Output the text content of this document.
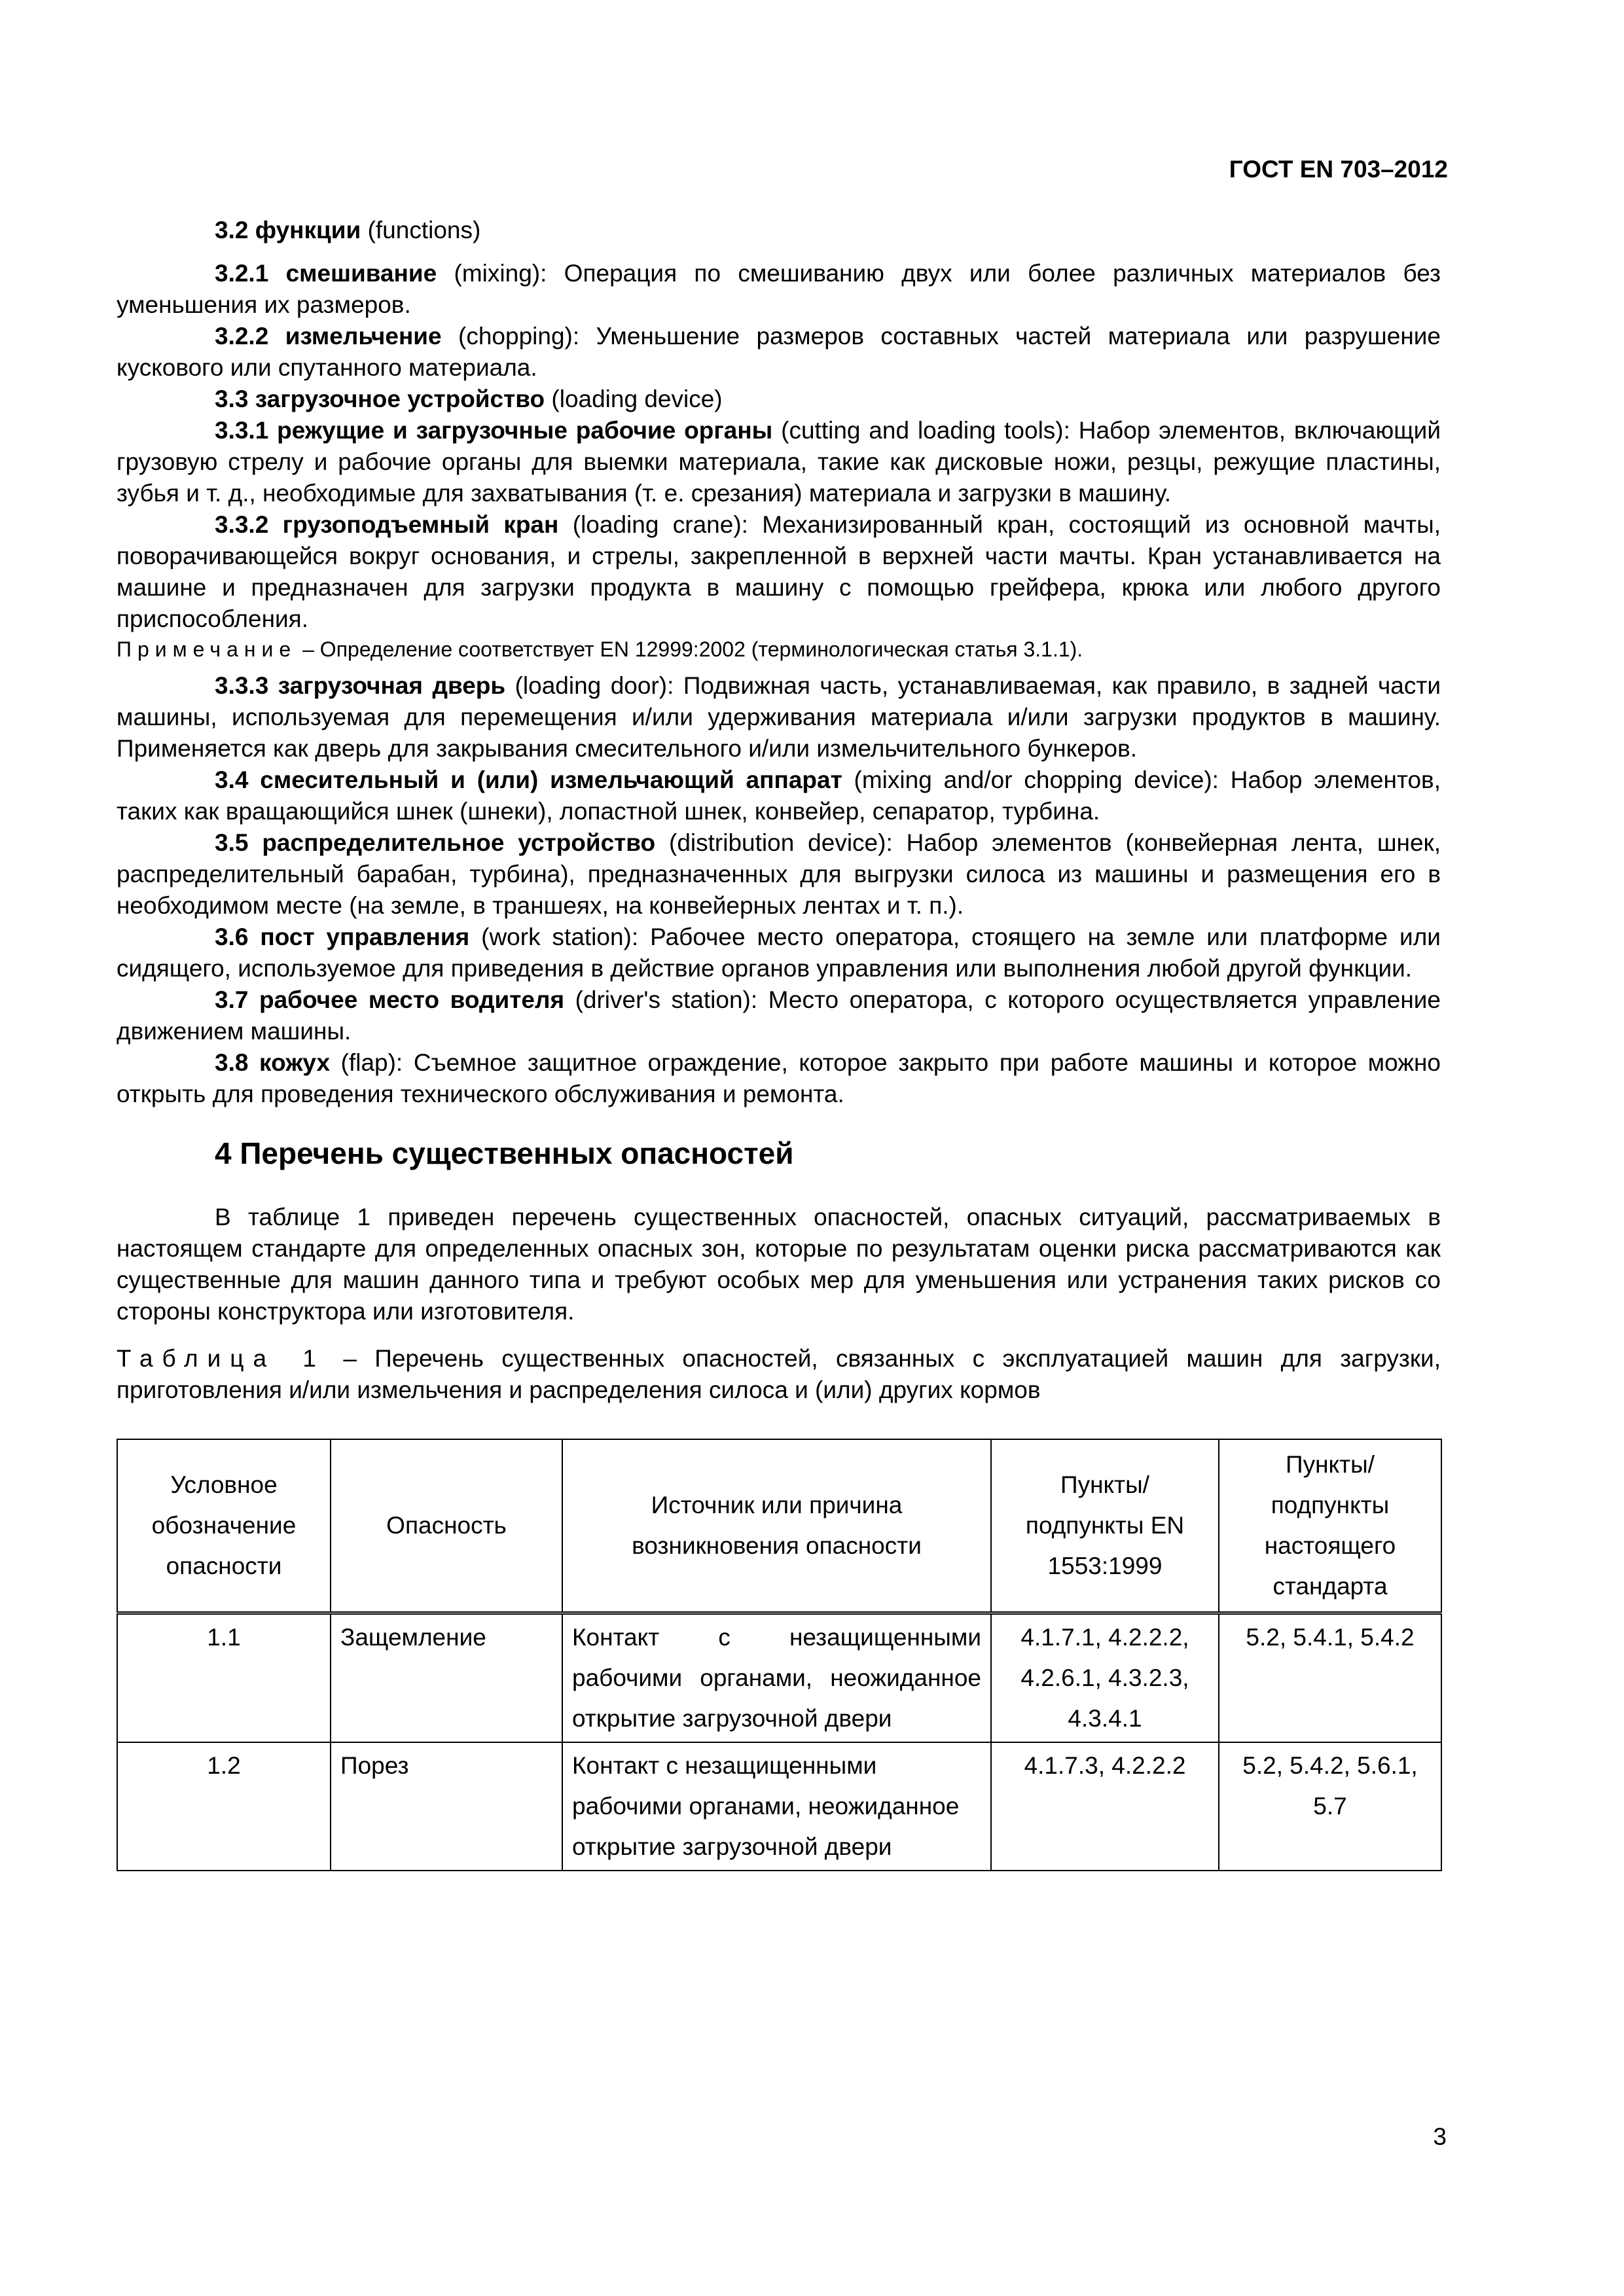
ГОСТ EN 703–2012

3.2 функции (functions)

3.2.1 смешивание (mixing): Операция по смешиванию двух или более различных материалов без уменьшения их размеров.

3.2.2 измельчение (chopping): Уменьшение размеров составных частей материала или разрушение кускового или спутанного материала.

3.3 загрузочное устройство (loading device)

3.3.1 режущие и загрузочные рабочие органы (cutting and loading tools): Набор элементов, включающий грузовую стрелу и рабочие органы для выемки материала, такие как дисковые ножи, резцы, режущие пластины, зубья и т. д., необходимые для захватывания (т. е. срезания) материала и загрузки в машину.

3.3.2 грузоподъемный кран (loading crane): Механизированный кран, состоящий из основной мачты, поворачивающейся вокруг основания, и стрелы, закрепленной в верхней части мачты. Кран устанавливается на машине и предназначен для загрузки продукта в машину с помощью грейфера, крюка или любого другого приспособления.

Примечание – Определение соответствует EN 12999:2002 (терминологическая статья 3.1.1).

3.3.3 загрузочная дверь (loading door): Подвижная часть, устанавливаемая, как правило, в задней части машины, используемая для перемещения и/или удерживания материала и/или загрузки продуктов в машину. Применяется как дверь для закрывания смесительного и/или измельчительного бункеров.

3.4 смесительный и (или) измельчающий аппарат (mixing and/or chopping device): Набор элементов, таких как вращающийся шнек (шнеки), лопастной шнек, конвейер, сепаратор, турбина.

3.5 распределительное устройство (distribution device): Набор элементов (конвейерная лента, шнек, распределительный барабан, турбина), предназначенных для выгрузки силоса из машины и размещения его в необходимом месте (на земле, в траншеях, на конвейерных лентах и т. п.).

3.6 пост управления (work station): Рабочее место оператора, стоящего на земле или платформе или сидящего, используемое для приведения в действие органов управления или выполнения любой другой функции.

3.7 рабочее место водителя (driver's station): Место оператора, с которого осуществляется управление движением машины.

3.8 кожух (flap): Съемное защитное ограждение, которое закрыто при работе машины и которое можно открыть для проведения технического обслуживания и ремонта.

4 Перечень существенных опасностей

В таблице 1 приведен перечень существенных опасностей, опасных ситуаций, рассматриваемых в настоящем стандарте для определенных опасных зон, которые по результатам оценки риска рассматриваются как существенные для машин данного типа и требуют особых мер для уменьшения или устранения таких рисков со стороны конструктора или изготовителя.

Таблица 1 – Перечень существенных опасностей, связанных с эксплуатацией машин для загрузки, приготовления и/или измельчения и распределения силоса и (или) других кормов

Условное обозначение опасности	Опасность	Источник или причина возникновения опасности	Пункты/ подпункты EN 1553:1999	Пункты/ подпункты настоящего стандарта
1.1	Защемление	Контакт с незащищенными рабочими органами, неожиданное открытие загрузочной двери	4.1.7.1, 4.2.2.2, 4.2.6.1, 4.3.2.3, 4.3.4.1	5.2, 5.4.1, 5.4.2
1.2	Порез	Контакт с незащищенными рабочими органами, неожиданное открытие загрузочной двери	4.1.7.3, 4.2.2.2	5.2, 5.4.2, 5.6.1, 5.7
3
